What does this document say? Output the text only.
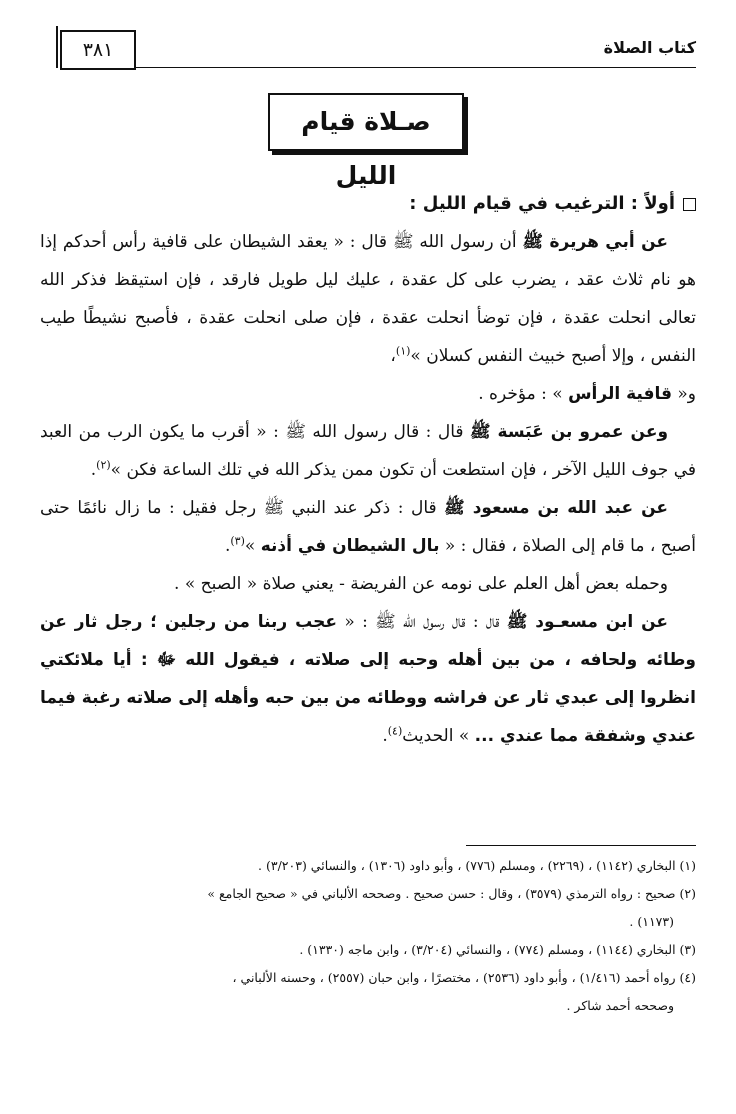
٣٨١	كتاب الصلاة
صـلاة قيام الليل
أولاً : الترغيب في قيام الليل :

عن أبي هريرة ﷺ أن رسول الله ﷺ قال : « يعقد الشيطان على قافية رأس أحدكم إذا هو نام ثلاث عقد ، يضرب على كل عقدة ، عليك ليل طويل فارقد ، فإن استيقظ فذكر الله تعالى انحلت عقدة ، فإن توضأ انحلت عقدة ، فإن صلى انحلت عقدة ، فأصبح نشيطًا طيب النفس ، وإلا أصبح خبيث النفس كسلان »$^{(١)}$،

و« قافية الرأس » : مؤخره .

وعن عمرو بن عَبَسة ﷺ قال : قال رسول الله ﷺ : « أقرب ما يكون الرب من العبد في جوف الليل الآخر ، فإن استطعت أن تكون ممن يذكر الله في تلك الساعة فكن »$^{(٢)}$.

عن عبد الله بن مسعود ﷺ قال : ذكر عند النبي ﷺ رجل فقيل : ما زال نائمًا حتى أصبح ، ما قام إلى الصلاة ، فقال : « بال الشيطان في أذنه »$^{(٣)}$.

وحمله بعض أهل العلم على نومه عن الفريضة - يعني صلاة « الصبح » .

عن ابن مسعـود ﷺ قال : قال رسول الله ﷺ : « عجب ربنا من رجلين ؛ رجل ثار عن وطائه ولحافه ، من بين أهله وحبه إلى صلاته ، فيقول الله ﷻ : أيا ملائكتي انظروا إلى عبدي ثار عن فراشه ووطائه من بين حبه وأهله إلى صلاته رغبة فيما عندي وشفقة مما عندي ... » الحديث$^{(٤)}$.

(١) البخاري (١١٤٢) ، (٢٢٦٩) ، ومسلم (٧٧٦) ، وأبو داود (١٣٠٦) ، والنسائي (٣/٢٠٣) .
(٢) صحيح : رواه الترمذي (٣٥٧٩) ، وقال : حسن صحيح . وصححه الألباني في « صحيح الجامع »
(١١٧٣) .
(٣) البخاري (١١٤٤) ، ومسلم (٧٧٤) ، والنسائي (٣/٢٠٤) ، وابن ماجه (١٣٣٠) .
(٤) رواه أحمد (١/٤١٦) ، وأبو داود (٢٥٣٦) ، مختصرًا ، وابن حبان (٢٥٥٧) ، وحسنه الألباني ،
وصححه أحمد شاكر .
